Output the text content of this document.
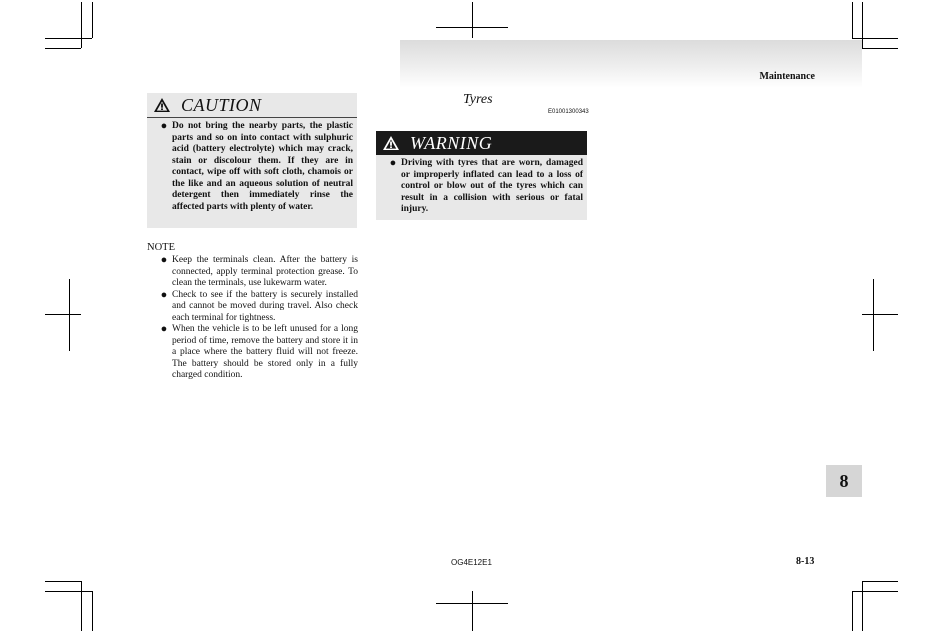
Maintenance
CAUTION
● Do not bring the nearby parts, the plastic parts and so on into contact with sulphuric acid (battery electrolyte) which may crack, stain or discolour them. If they are in contact, wipe off with soft cloth, chamois or the like and an aqueous solution of neutral detergent then immediately rinse the affected parts with plenty of water.
NOTE
● Keep the terminals clean. After the battery is connected, apply terminal protection grease. To clean the terminals, use lukewarm water.
● Check to see if the battery is securely installed and cannot be moved during travel. Also check each terminal for tightness.
● When the vehicle is to be left unused for a long period of time, remove the battery and store it in a place where the battery fluid will not freeze. The battery should be stored only in a fully charged condition.
Tyres
E01001300343
WARNING
● Driving with tyres that are worn, damaged or improperly inflated can lead to a loss of control or blow out of the tyres which can result in a collision with serious or fatal injury.
8
OG4E12E1	8-13
